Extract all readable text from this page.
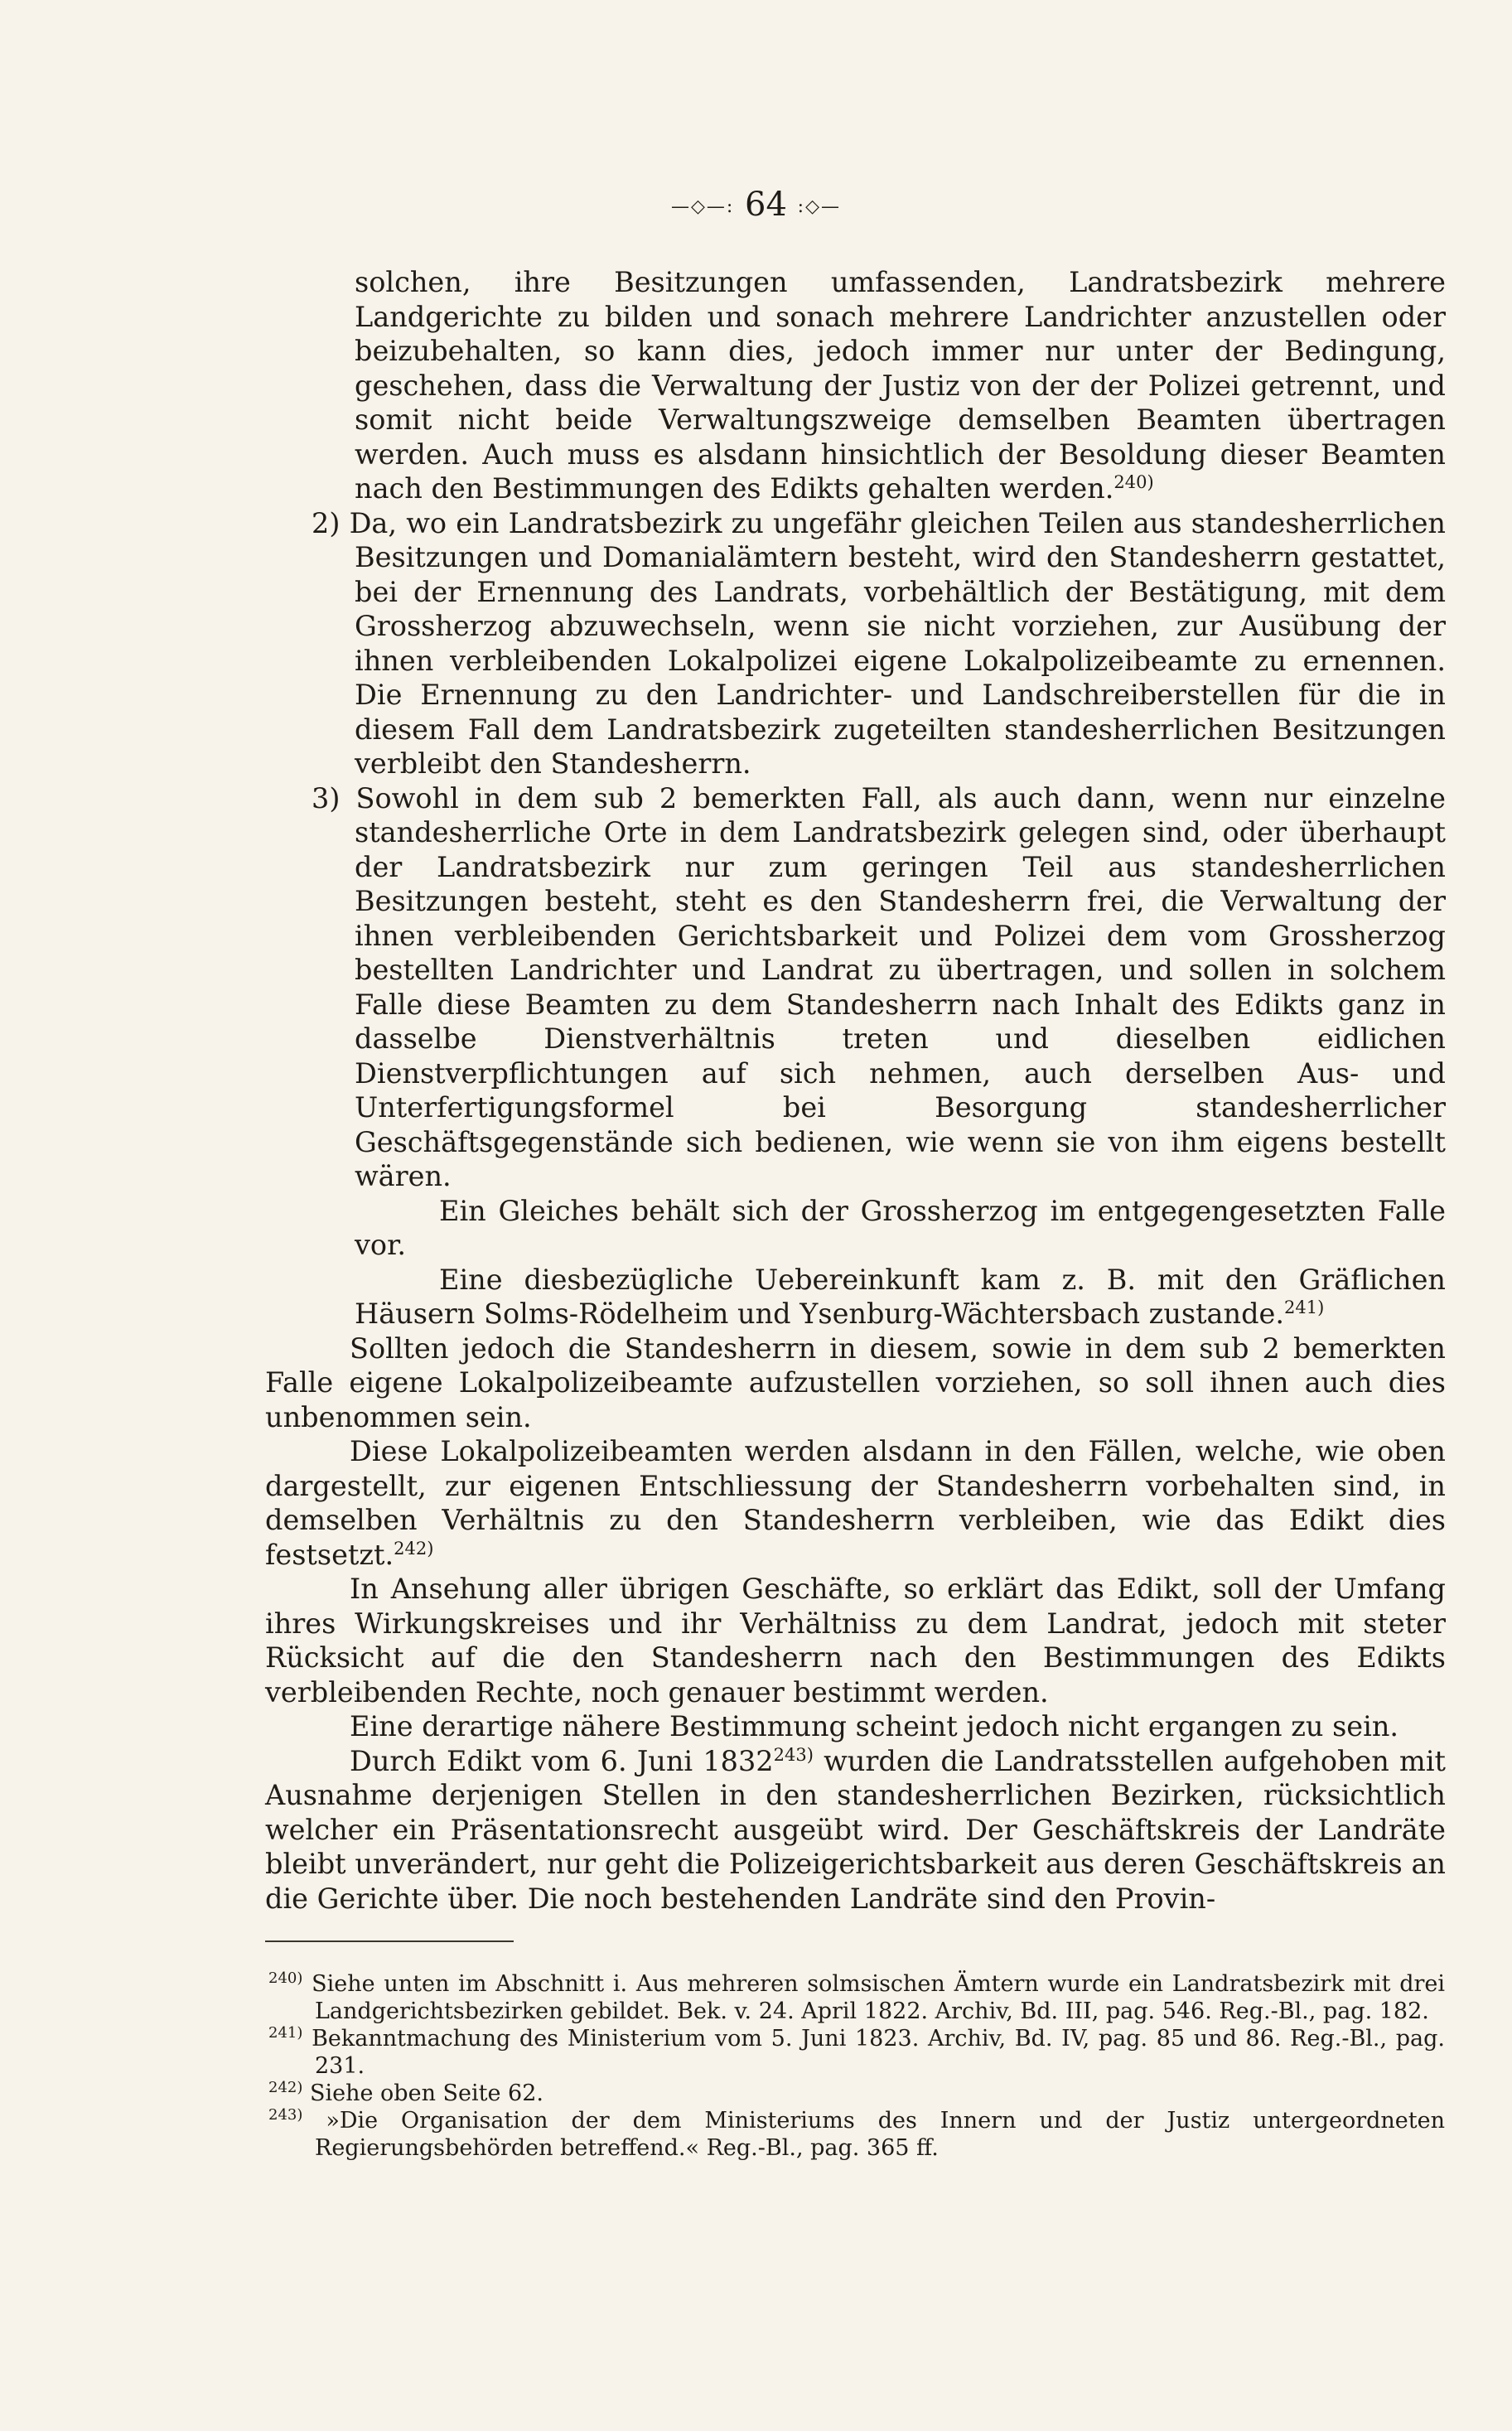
—◇—: 64 :◇—

solchen, ihre Besitzungen umfassenden, Landratsbezirk mehrere Landgerichte zu bilden und sonach mehrere Landrichter anzustellen oder beizubehalten, so kann dies, jedoch immer nur unter der Bedingung, geschehen, dass die Verwaltung der Justiz von der der Polizei getrennt, und somit nicht beide Verwaltungszweige demselben Beamten übertragen werden. Auch muss es alsdann hinsichtlich der Besoldung dieser Beamten nach den Bestimmungen des Edikts gehalten werden.$^{240)}$

2) Da, wo ein Landratsbezirk zu ungefähr gleichen Teilen aus standesherrlichen Besitzungen und Domanialämtern besteht, wird den Standesherrn gestattet, bei der Ernennung des Landrats, vorbehältlich der Bestätigung, mit dem Grossherzog abzuwechseln, wenn sie nicht vorziehen, zur Ausübung der ihnen verbleibenden Lokalpolizei eigene Lokalpolizeibeamte zu ernennen. Die Ernennung zu den Landrichter- und Landschreiberstellen für die in diesem Fall dem Landratsbezirk zugeteilten standesherrlichen Besitzungen verbleibt den Standesherrn.

3) Sowohl in dem sub 2 bemerkten Fall, als auch dann, wenn nur einzelne standesherrliche Orte in dem Landratsbezirk gelegen sind, oder überhaupt der Landratsbezirk nur zum geringen Teil aus standesherrlichen Besitzungen besteht, steht es den Standesherrn frei, die Verwaltung der ihnen verbleibenden Gerichtsbarkeit und Polizei dem vom Grossherzog bestellten Landrichter und Landrat zu übertragen, und sollen in solchem Falle diese Beamten zu dem Standesherrn nach Inhalt des Edikts ganz in dasselbe Dienstverhältnis treten und dieselben eidlichen Dienstverpflichtungen auf sich nehmen, auch derselben Aus- und Unterfertigungsformel bei Besorgung standesherrlicher Geschäftsgegenstände sich bedienen, wie wenn sie von ihm eigens bestellt wären.

Ein Gleiches behält sich der Grossherzog im entgegengesetzten Falle vor.

Eine diesbezügliche Uebereinkunft kam z. B. mit den Gräflichen Häusern Solms-Rödelheim und Ysenburg-Wächtersbach zustande.$^{241)}$

Sollten jedoch die Standesherrn in diesem, sowie in dem sub 2 bemerkten Falle eigene Lokalpolizeibeamte aufzustellen vorziehen, so soll ihnen auch dies unbenommen sein.

Diese Lokalpolizeibeamten werden alsdann in den Fällen, welche, wie oben dargestellt, zur eigenen Entschliessung der Standesherrn vorbehalten sind, in demselben Verhältnis zu den Standesherrn verbleiben, wie das Edikt dies festsetzt.$^{242)}$

In Ansehung aller übrigen Geschäfte, so erklärt das Edikt, soll der Umfang ihres Wirkungskreises und ihr Verhältniss zu dem Landrat, jedoch mit steter Rücksicht auf die den Standesherrn nach den Bestimmungen des Edikts verbleibenden Rechte, noch genauer bestimmt werden.

Eine derartige nähere Bestimmung scheint jedoch nicht ergangen zu sein.

Durch Edikt vom 6. Juni 1832$^{243)}$ wurden die Landratsstellen aufgehoben mit Ausnahme derjenigen Stellen in den standesherrlichen Bezirken, rücksichtlich welcher ein Präsentationsrecht ausgeübt wird. Der Geschäftskreis der Landräte bleibt unverändert, nur geht die Polizeigerichtsbarkeit aus deren Geschäftskreis an die Gerichte über. Die noch bestehenden Landräte sind den Provin-

$^{240)}$ Siehe unten im Abschnitt i. Aus mehreren solmsischen Ämtern wurde ein Landratsbezirk mit drei Landgerichtsbezirken gebildet. Bek. v. 24. April 1822. Archiv, Bd. III, pag. 546. Reg.-Bl., pag. 182.

$^{241)}$ Bekanntmachung des Ministerium vom 5. Juni 1823. Archiv, Bd. IV, pag. 85 und 86. Reg.-Bl., pag. 231.

$^{242)}$ Siehe oben Seite 62.

$^{243)}$ »Die Organisation der dem Ministeriums des Innern und der Justiz untergeordneten Regierungsbehörden betreffend.« Reg.-Bl., pag. 365 ff.
